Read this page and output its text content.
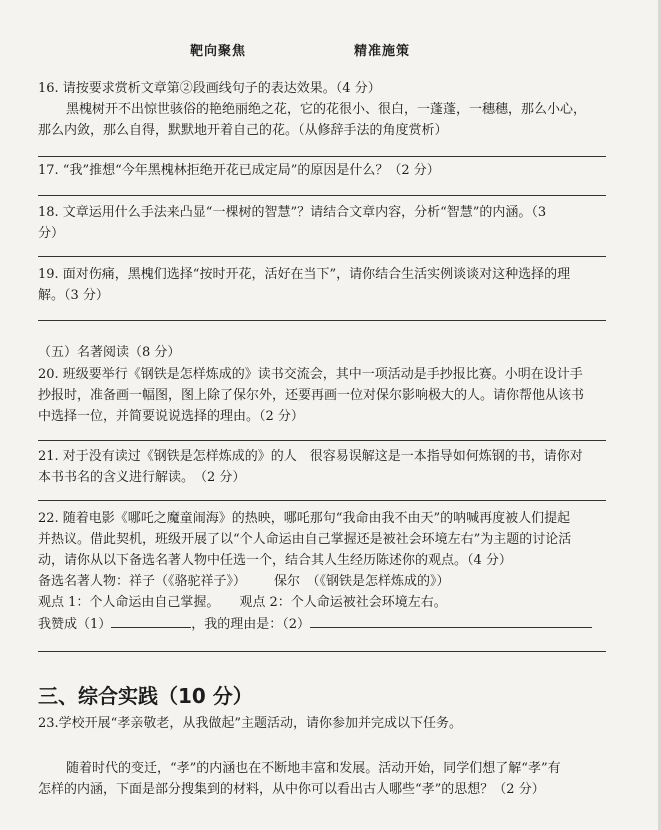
靶向聚焦	精准施策
16. 请按要求赏析文章第②段画线句子的表达效果。（4 分）
黑槐树开不出惊世骇俗的艳绝丽绝之花，它的花很小、很白，一蓬蓬，一穗穗，那么小心，
那么内敛，那么自得，默默地开着自己的花。（从修辞手法的角度赏析）
17. “我”推想“今年黑槐林拒绝开花已成定局”的原因是什么？（2 分）
18. 文章运用什么手法来凸显“一棵树的智慧”？请结合文章内容，分析“智慧”的内涵。（3
分）
19. 面对伤痛，黑槐们选择“按时开花，活好在当下”，请你结合生活实例谈谈对这种选择的理
解。（3 分）
（五）名著阅读（8 分）
20. 班级要举行《钢铁是怎样炼成的》读书交流会，其中一项活动是手抄报比赛。小明在设计手
抄报时，准备画一幅图，图上除了保尔外，还要再画一位对保尔影响极大的人。请你帮他从该书
中选择一位，并简要说说选择的理由。（2 分）
21. 对于没有读过《钢铁是怎样炼成的》的人　很容易误解这是一本指导如何炼钢的书，请你对
本书书名的含义进行解读。　（2 分）
22. 随着电影《哪吒之魔童闹海》的热映，哪吒那句“我命由我不由天”的呐喊再度被人们提起
并热议。借此契机，班级开展了以“个人命运由自己掌握还是被社会环境左右”为主题的讨论活
动，请你从以下备选名著人物中任选一个，结合其人生经历陈述你的观点。（4 分）
备选名著人物：祥子（《骆驼祥子》） 保尔　（《钢铁是怎样炼成的》）
观点 1：个人命运由自己掌握。 观点 2：个人命运被社会环境左右。
我赞成（1）	，我的理由是：（2）
三、综合实践（10 分）
23.学校开展“孝亲敬老，从我做起”主题活动，请你参加并完成以下任务。
随着时代的变迁，“孝”的内涵也在不断地丰富和发展。活动开始，同学们想了解“孝”有
怎样的内涵，下面是部分搜集到的材料，从中你可以看出古人哪些“孝”的思想？（2 分）
